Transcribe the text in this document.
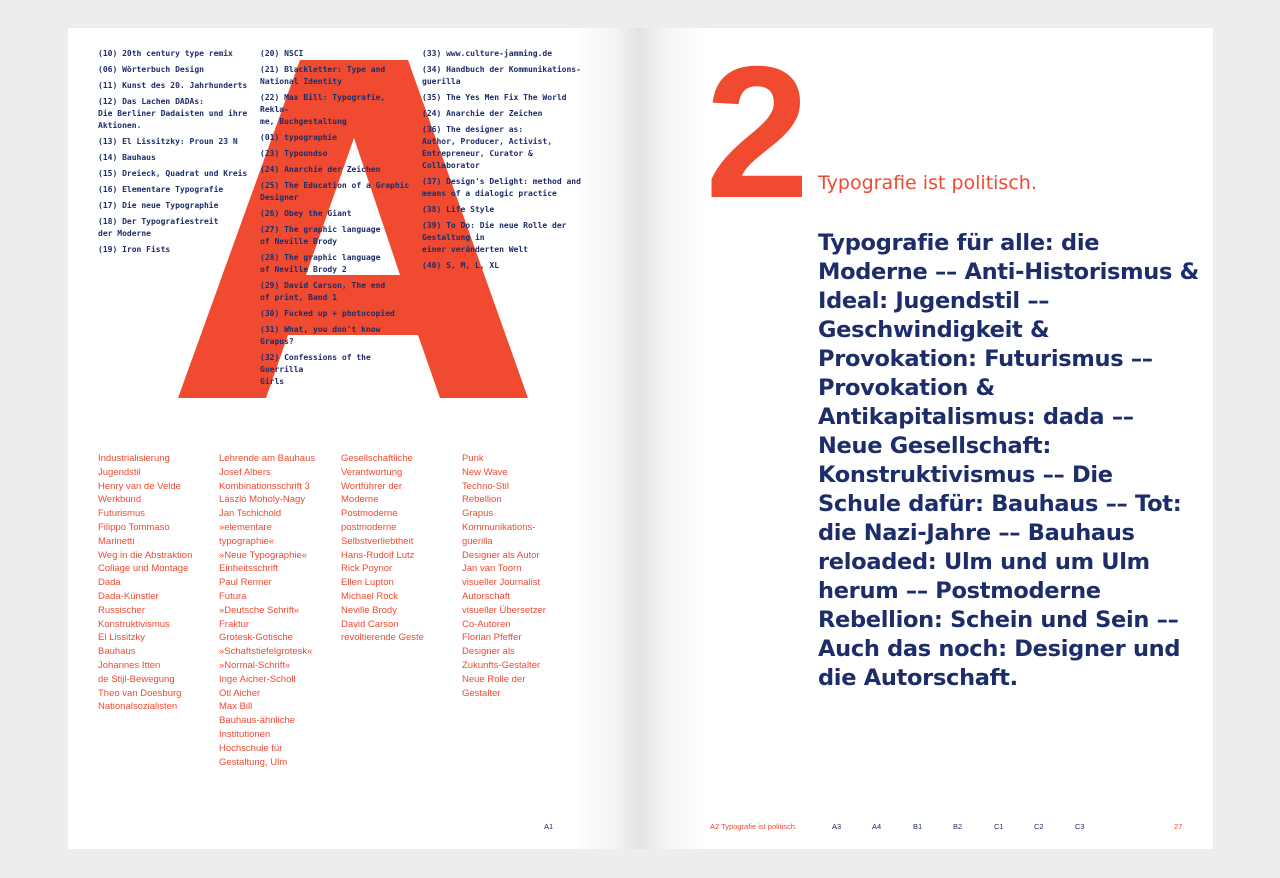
(10) 20th century type remix
(06) Wörterbuch Design
(11) Kunst des 20. Jahrhunderts
(12) Das Lachen DADAs:
Die Berliner Dadaisten und ihre Aktionen.
(13) El Lissitzky: Proun 23 N
(14) Bauhaus
(15) Dreieck, Quadrat und Kreis
(16) Elementare Typografie
(17) Die neue Typographie
(18) Der Typografiestreit
der Moderne
(19) Iron Fists
(20) NSCI
(21) Blackletter: Type and
National Identity
(22) Max Bill: Typografie, Rekla-
me, Buchgestaltung
(01) typographie
(23) Typoundso
(24) Anarchie der Zeichen
(25) The Education of a Graphic
Designer
(26) Obey the Giant
(27) The graphic language
of Neville Brody
(28) The graphic language
of Neville Brody 2
(29) David Carson, The end
of print, Band 1
(30) Fucked up + photocopied
(31) What, you don't know Grapus?
(32) Confessions of the Guerrilla
Girls
(33) www.culture-jamming.de
(34) Handbuch der Kommunikations-
guerilla
(35) The Yes Men Fix The World
(24) Anarchie der Zeichen
(36) The designer as:
Author, Producer, Activist,
Entrepreneur, Curator &
Collaborator
(37) Design's Delight: method and
means of a dialogic practice
(38) Life Style
(39) To Do: Die neue Rolle der
Gestaltung in
einer veränderten Welt
(40) S, M, L, XL
Industrialisierung
Jugendstil
Henry van de Velde
Werkbund
Futurismus
Filippo Tommaso
Marinetti
Weg in die Abstraktion
Collage und Montage
Dada
Dada-Künstler
Russischer
Konstruktivismus
El Lissitzky
Bauhaus
Johannes Itten
de Stijl-Bewegung
Theo van Doesburg
Nationalsozialisten
Lehrende am Bauhaus
Josef Albers
Kombinationsschrift 3
László Moholy-Nagy
Jan Tschichold
»elementare
typographie«
»Neue Typographie«
Einheitsschrift
Paul Renner
Futura
»Deutsche Schrift«
Fraktur
Grotesk-Gotische
»Schaftstiefelgrotesk«
»Normal-Schrift«
Inge Aicher-Scholl
Otl Aicher
Max Bill
Bauhaus-ähnliche
Institutionen
Hochschule für
Gestaltung, Ulm
Gesellschaftliche
Verantwortung
Wortführer der
Moderne
Postmoderne
postmoderne
Selbstverliebtheit
Hans-Rudolf Lutz
Rick Poynor
Ellen Lupton
Michael Rock
Neville Brody
David Carson
revoltierende Geste
Punk
New Wave
Techno-Stil
Rebellion
Grapus
Kommunikations-
guerilla
Designer als Autor
Jan van Toorn
visueller Journalist
Autorschaft
visueller Übersetzer
Co-Autoren
Florian Pfeffer
Designer als
Zukunfts-Gestalter
Neue Rolle der
Gestalter
A1
2 Typografie ist politisch.
Typografie für alle: die Moderne –– Anti-Historismus & Ideal: Jugendstil –– Geschwindigkeit & Provokation: Futurismus –– Provokation & Antikapitalismus: dada –– Neue Gesellschaft: Konstruktivismus –– Die Schule dafür: Bauhaus –– Tot: die Nazi-Jahre –– Bauhaus reloaded: Ulm und um Ulm herum –– Postmoderne Rebellion: Schein und Sein –– Auch das noch: Designer und die Autorschaft.
A2 Typografie ist politisch.	A3	A4	B1	B2	C1	C2	C3	27
